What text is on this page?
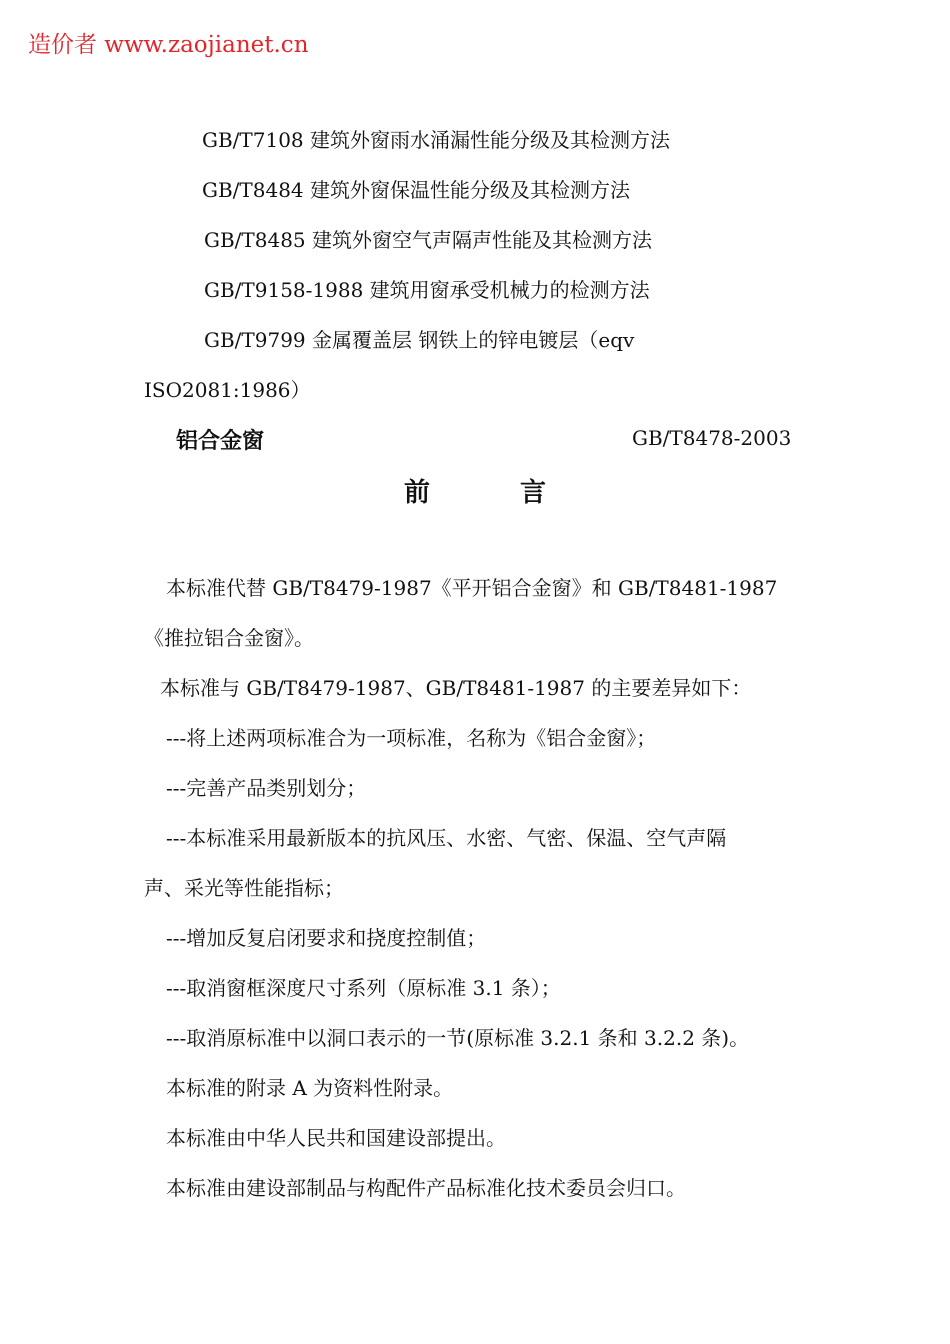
造价者 www.zaojianet.cn
GB/T7108 建筑外窗雨水涌漏性能分级及其检测方法
GB/T8484 建筑外窗保温性能分级及其检测方法
GB/T8485 建筑外窗空气声隔声性能及其检测方法
GB/T9158-1988 建筑用窗承受机械力的检测方法
GB/T9799 金属覆盖层 钢铁上的锌电镀层（eqv
ISO2081:1986）
铝合金窗	GB/T8478-2003
前	言
本标准代替 GB/T8479-1987《平开铝合金窗》和 GB/T8481-1987
《推拉铝合金窗》。
本标准与 GB/T8479-1987、GB/T8481-1987 的主要差异如下：
---将上述两项标准合为一项标准，名称为《铝合金窗》；
---完善产品类别划分；
---本标准采用最新版本的抗风压、水密、气密、保温、空气声隔
声、采光等性能指标；
---增加反复启闭要求和挠度控制值；
---取消窗框深度尺寸系列（原标准 3.1 条）；
---取消原标准中以洞口表示的一节(原标准 3.2.1 条和 3.2.2 条)。
本标准的附录 A 为资料性附录。
本标准由中华人民共和国建设部提出。
本标准由建设部制品与构配件产品标准化技术委员会归口。
